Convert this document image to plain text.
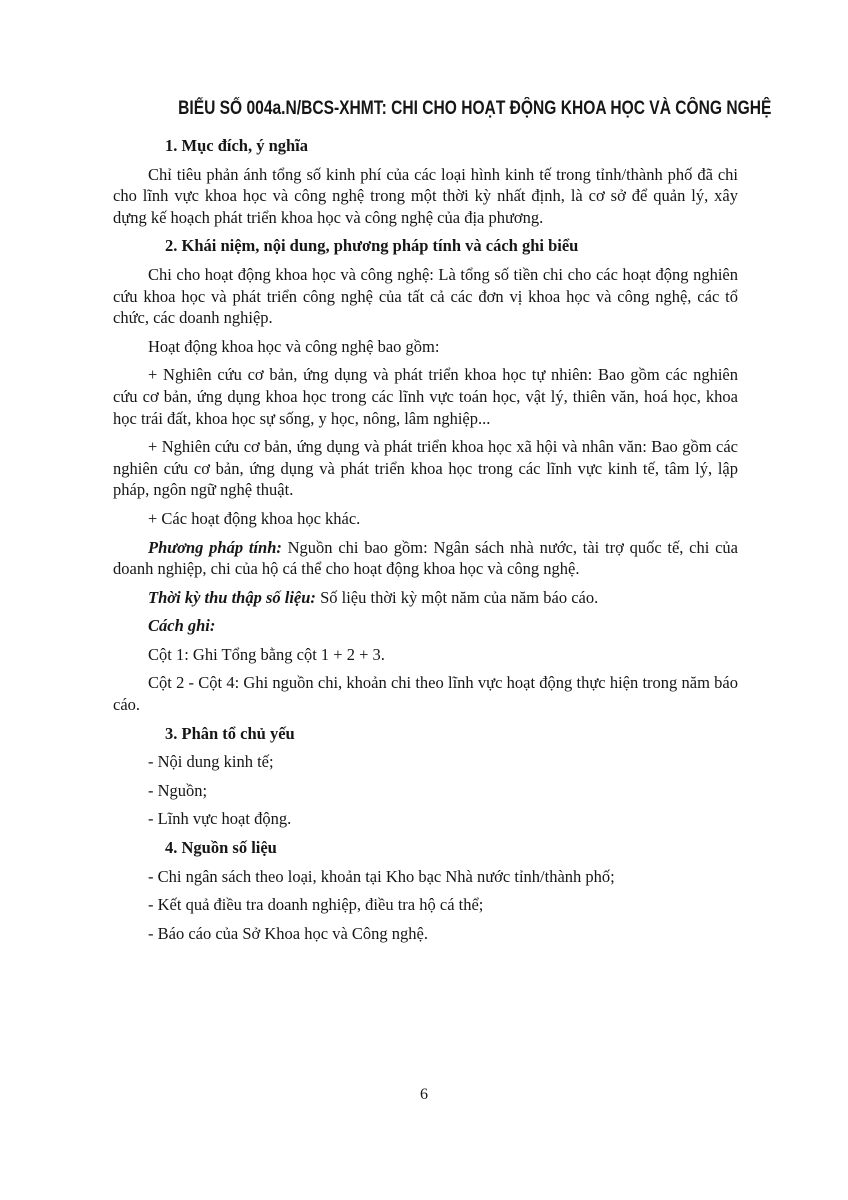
BIỂU SỐ 004a.N/BCS-XHMT: CHI CHO HOẠT ĐỘNG KHOA HỌC VÀ CÔNG NGHỆ

1. Mục đích, ý nghĩa

Chỉ tiêu phản ánh tổng số kinh phí của các loại hình kinh tế trong tỉnh/thành phố đã chi cho lĩnh vực khoa học và công nghệ trong một thời kỳ nhất định, là cơ sở để quản lý, xây dựng kế hoạch phát triển khoa học và công nghệ của địa phương.

2. Khái niệm, nội dung, phương pháp tính và cách ghi biểu

Chi cho hoạt động khoa học và công nghệ: Là tổng số tiền chi cho các hoạt động nghiên cứu khoa học và phát triển công nghệ của tất cả các đơn vị khoa học và công nghệ, các tổ chức, các doanh nghiệp.

Hoạt động khoa học và công nghệ bao gồm:

+ Nghiên cứu cơ bản, ứng dụng và phát triển khoa học tự nhiên: Bao gồm các nghiên cứu cơ bản, ứng dụng khoa học trong các lĩnh vực toán học, vật lý, thiên văn, hoá học, khoa học trái đất, khoa học sự sống, y học, nông, lâm nghiệp...

+ Nghiên cứu cơ bản, ứng dụng và phát triển khoa học xã hội và nhân văn: Bao gồm các nghiên cứu cơ bản, ứng dụng và phát triển khoa học trong các lĩnh vực kinh tế, tâm lý, lập pháp, ngôn ngữ nghệ thuật.

+ Các hoạt động khoa học khác.

Phương pháp tính: Nguồn chi bao gồm: Ngân sách nhà nước, tài trợ quốc tế, chi của doanh nghiệp, chi của hộ cá thể cho hoạt động khoa học và công nghệ.

Thời kỳ thu thập số liệu: Số liệu thời kỳ một năm của năm báo cáo.

Cách ghi:

Cột 1: Ghi Tổng bằng cột 1 + 2 + 3.

Cột 2 - Cột 4: Ghi nguồn chi, khoản chi theo lĩnh vực hoạt động thực hiện trong năm báo cáo.

3. Phân tổ chủ yếu

- Nội dung kinh tế;

- Nguồn;

- Lĩnh vực hoạt động.

4. Nguồn số liệu

- Chi ngân sách theo loại, khoản tại Kho bạc Nhà nước tỉnh/thành phố;

- Kết quả điều tra doanh nghiệp, điều tra hộ cá thể;

- Báo cáo của Sở Khoa học và Công nghệ.

6
